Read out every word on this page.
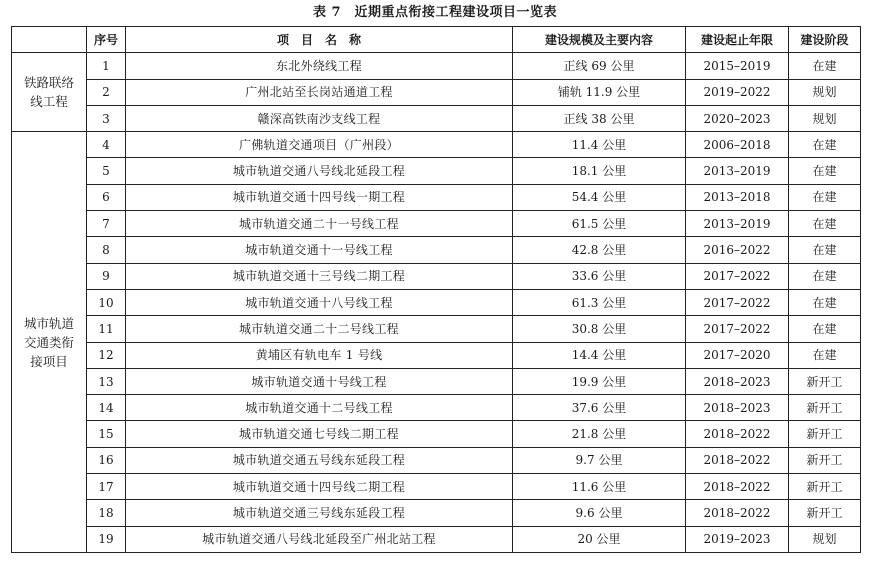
表 7　近期重点衔接工程建设项目一览表
	序号	项　目　名　称	建设规模及主要内容	建设起止年限	建设阶段
铁路联络线工程	1	东北外绕线工程	正线 69 公里	2015–2019	在建
	2	广州北站至长岗站通道工程	铺轨 11.9 公里	2019–2022	规划
	3	赣深高铁南沙支线工程	正线 38 公里	2020–2023	规划
城市轨道交通类衔接项目	4	广佛轨道交通项目（广州段）	11.4 公里	2006–2018	在建
	5	城市轨道交通八号线北延段工程	18.1 公里	2013–2019	在建
	6	城市轨道交通十四号线一期工程	54.4 公里	2013–2018	在建
	7	城市轨道交通二十一号线工程	61.5 公里	2013–2019	在建
	8	城市轨道交通十一号线工程	42.8 公里	2016–2022	在建
	9	城市轨道交通十三号线二期工程	33.6 公里	2017–2022	在建
	10	城市轨道交通十八号线工程	61.3 公里	2017–2022	在建
	11	城市轨道交通二十二号线工程	30.8 公里	2017–2022	在建
	12	黄埔区有轨电车 1 号线	14.4 公里	2017–2020	在建
	13	城市轨道交通十号线工程	19.9 公里	2018–2023	新开工
	14	城市轨道交通十二号线工程	37.6 公里	2018–2023	新开工
	15	城市轨道交通七号线二期工程	21.8 公里	2018–2022	新开工
	16	城市轨道交通五号线东延段工程	9.7 公里	2018–2022	新开工
	17	城市轨道交通十四号线二期工程	11.6 公里	2018–2022	新开工
	18	城市轨道交通三号线东延段工程	9.6 公里	2018–2022	新开工
	19	城市轨道交通八号线北延段至广州北站工程	20 公里	2019–2023	规划
